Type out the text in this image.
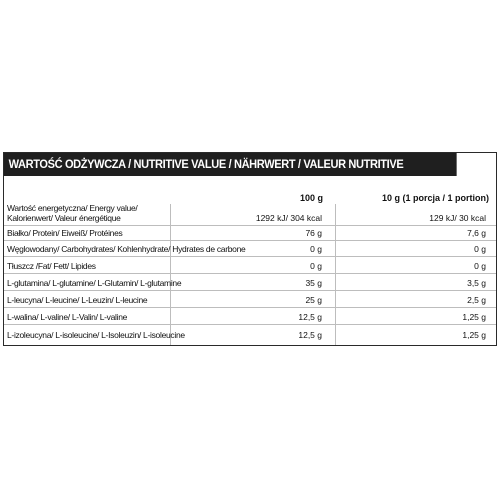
WARTOŚĆ ODŻYWCZA / NUTRITIVE VALUE / NÄHRWERT / VALEUR NUTRITIVE
100 g	10 g (1 porcja / 1 portion)
Wartość energetyczna/ Energy value/
Kalorienwert/ Valeur énergétique	1292 kJ/ 304 kcal	129 kJ/ 30 kcal
Białko/ Protein/ Eiweiß/ Protéines	76 g	7,6 g
Węglowodany/ Carbohydrates/ Kohlenhydrate/ Hydrates de carbone	0 g	0 g
Tłuszcz /Fat/ Fett/ Lipides	0 g	0 g
L-glutamina/ L-glutamine/ L-Glutamin/ L-glutamine	35 g	3,5 g
L-leucyna/ L-leucine/ L-Leuzin/ L-leucine	25 g	2,5 g
L-walina/ L-valine/ L-Valin/ L-valine	12,5 g	1,25 g
L-izoleucyna/ L-isoleucine/ L-Isoleuzin/ L-isoleucine	12,5 g	1,25 g
